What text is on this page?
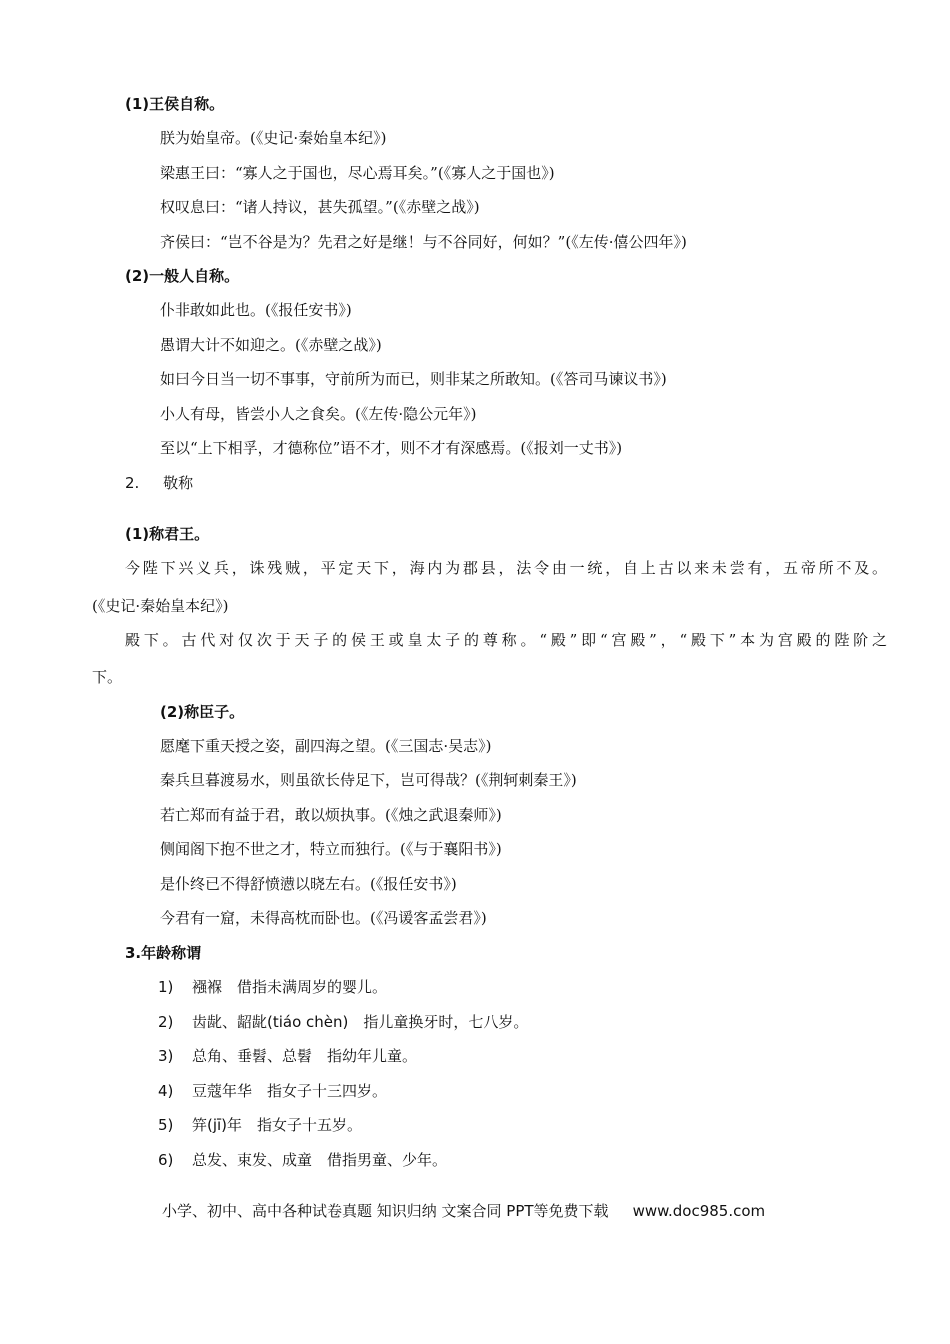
(1)王侯自称。
朕为始皇帝。(《史记·秦始皇本纪》)
梁惠王曰：“寡人之于国也，尽心焉耳矣。”(《寡人之于国也》)
权叹息曰：“诸人持议，甚失孤望。”(《赤壁之战》)
齐侯曰：“岂不谷是为？先君之好是继！与不谷同好，何如？”(《左传·僖公四年》)
(2)一般人自称。
仆非敢如此也。(《报任安书》)
愚谓大计不如迎之。(《赤壁之战》)
如曰今日当一切不事事，守前所为而已，则非某之所敢知。(《答司马谏议书》)
小人有母，皆尝小人之食矣。(《左传·隐公元年》)
至以“上下相孚，才德称位”语不才，则不才有深感焉。(《报刘一丈书》)
2.     敬称
(1)称君王。
今陛下兴义兵，诛残贼，平定天下，海内为郡县，法令由一统，自上古以来未尝有，五帝所不及。
(《史记·秦始皇本纪》)
殿下。古代对仅次于天子的侯王或皇太子的尊称。“殿”即“宫殿”，“殿下”本为宫殿的陛阶之
下。
(2)称臣子。
愿麾下重天授之姿，副四海之望。(《三国志·吴志》)
秦兵旦暮渡易水，则虽欲长侍足下，岂可得哉？(《荆轲刺秦王》)
若亡郑而有益于君，敢以烦执事。(《烛之武退秦师》)
侧闻阁下抱不世之才，特立而独行。(《与于襄阳书》)
是仆终已不得舒愤懑以晓左右。(《报任安书》)
今君有一窟，未得高枕而卧也。(《冯谖客孟尝君》)
3.年龄称谓
1) 襁褓　借指未满周岁的婴儿。
2) 齿龀、龆龀(tiáo chèn)　指儿童换牙时，七八岁。
3) 总角、垂髫、总髫　指幼年儿童。
4) 豆蔻年华　指女子十三四岁。
5) 笄(jī)年　指女子十五岁。
6) 总发、束发、成童　借指男童、少年。
小学、初中、高中各种试卷真题 知识归纳 文案合同 PPT等免费下载 www.doc985.com
